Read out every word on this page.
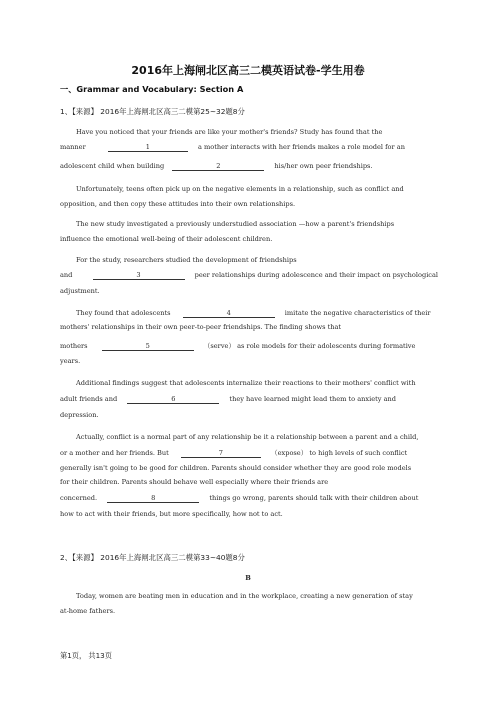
2016年上海闸北区高三二模英语试卷-学生用卷
一、Grammar and Vocabulary: Section A
1、【来源】 2016年上海闸北区高三二模第25~32题8分
Have you noticed that your friends are like your mother's friends? Study has found that the
manner	1	a mother interacts with her friends makes a role model for an
adolescent child when building	2	his/her own peer friendships.
Unfortunately, teens often pick up on the negative elements in a relationship, such as conflict and
opposition, and then copy these attitudes into their own relationships.
The new study investigated a previously understudied association —how a parent's friendships
influence the emotional well-being of their adolescent children.
For the study, researchers studied the development of friendships
and	3	peer relationships during adolescence and their impact on psychological
adjustment.
They found that adolescents	4	imitate the negative characteristics of their
mothers' relationships in their own peer-to-peer friendships. The finding shows that
mothers	5	（serve） as role models for their adolescents during formative
years.
Additional findings suggest that adolescents internalize their reactions to their mothers' conflict with
adult friends and	6	they have learned might lead them to anxiety and
depression.
Actually, conflict is a normal part of any relationship be it a relationship between a parent and a child,
or a mother and her friends. But	7	（expose） to high levels of such conflict
generally isn't going to be good for children. Parents should consider whether they are good role models
for their children. Parents should behave well especially where their friends are
concerned.	8	things go wrong, parents should talk with their children about
how to act with their friends, but more specifically, how not to act.
2、【来源】 2016年上海闸北区高三二模第33~40题8分
B
Today, women are beating men in education and in the workplace, creating a new generation of stay
at-home fathers.
第1页， 共13页
